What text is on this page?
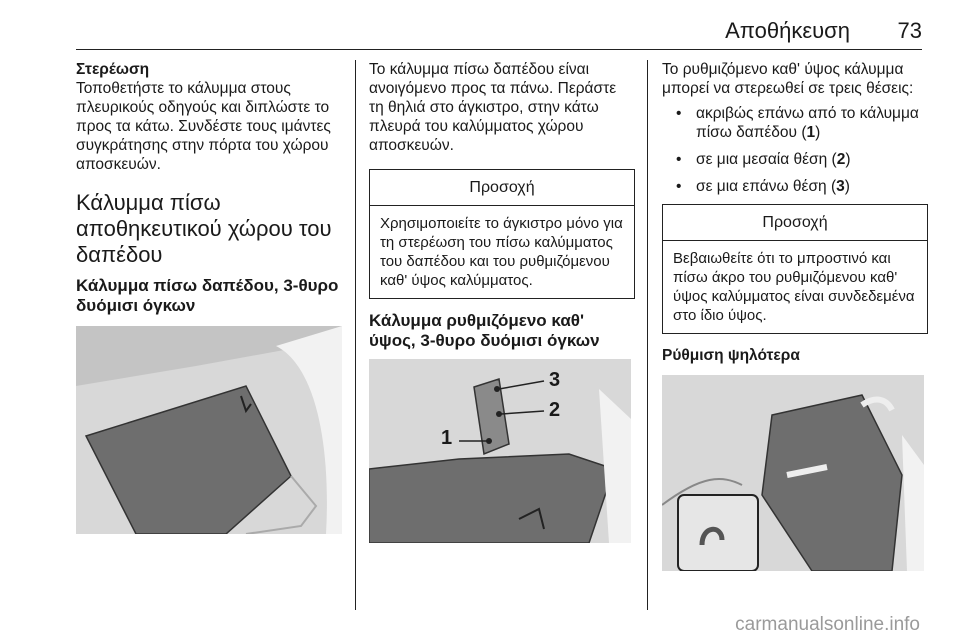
Αποθήκευση 73
Στερέωση
Τοποθετήστε το κάλυμμα στους πλευρικούς οδηγούς και διπλώστε το προς τα κάτω. Συνδέστε τους ιμάντες συγκράτησης στην πόρτα του χώρου αποσκευών.
Κάλυμμα πίσω αποθηκευτικού χώρου του δαπέδου
Κάλυμμα πίσω δαπέδου, 3-θυρο δυόμισι όγκων
Το κάλυμμα πίσω δαπέδου είναι ανοιγόμενο προς τα πάνω. Περάστε τη θηλιά στο άγκιστρο, στην κάτω πλευρά του καλύμματος χώρου αποσκευών.
Προσοχή
Χρησιμοποιείτε το άγκιστρο μόνο για τη στερέωση του πίσω καλύμματος του δαπέδου και του ρυθμιζόμενου καθ' ύψος καλύμματος.
Κάλυμμα ρυθμιζόμενο καθ' ύψος, 3-θυρο δυόμισι όγκων
1
2
3
Το ρυθμιζόμενο καθ' ύψος κάλυμμα μπορεί να στερεωθεί σε τρεις θέσεις:
• ακριβώς επάνω από το κάλυμμα πίσω δαπέδου (1)
• σε μια μεσαία θέση (2)
• σε μια επάνω θέση (3)
Προσοχή
Βεβαιωθείτε ότι το μπροστινό και πίσω άκρο του ρυθμιζόμενου καθ' ύψος καλύμματος είναι συνδεδεμένα στο ίδιο ύψος.
Ρύθμιση ψηλότερα
carmanualsonline.info
